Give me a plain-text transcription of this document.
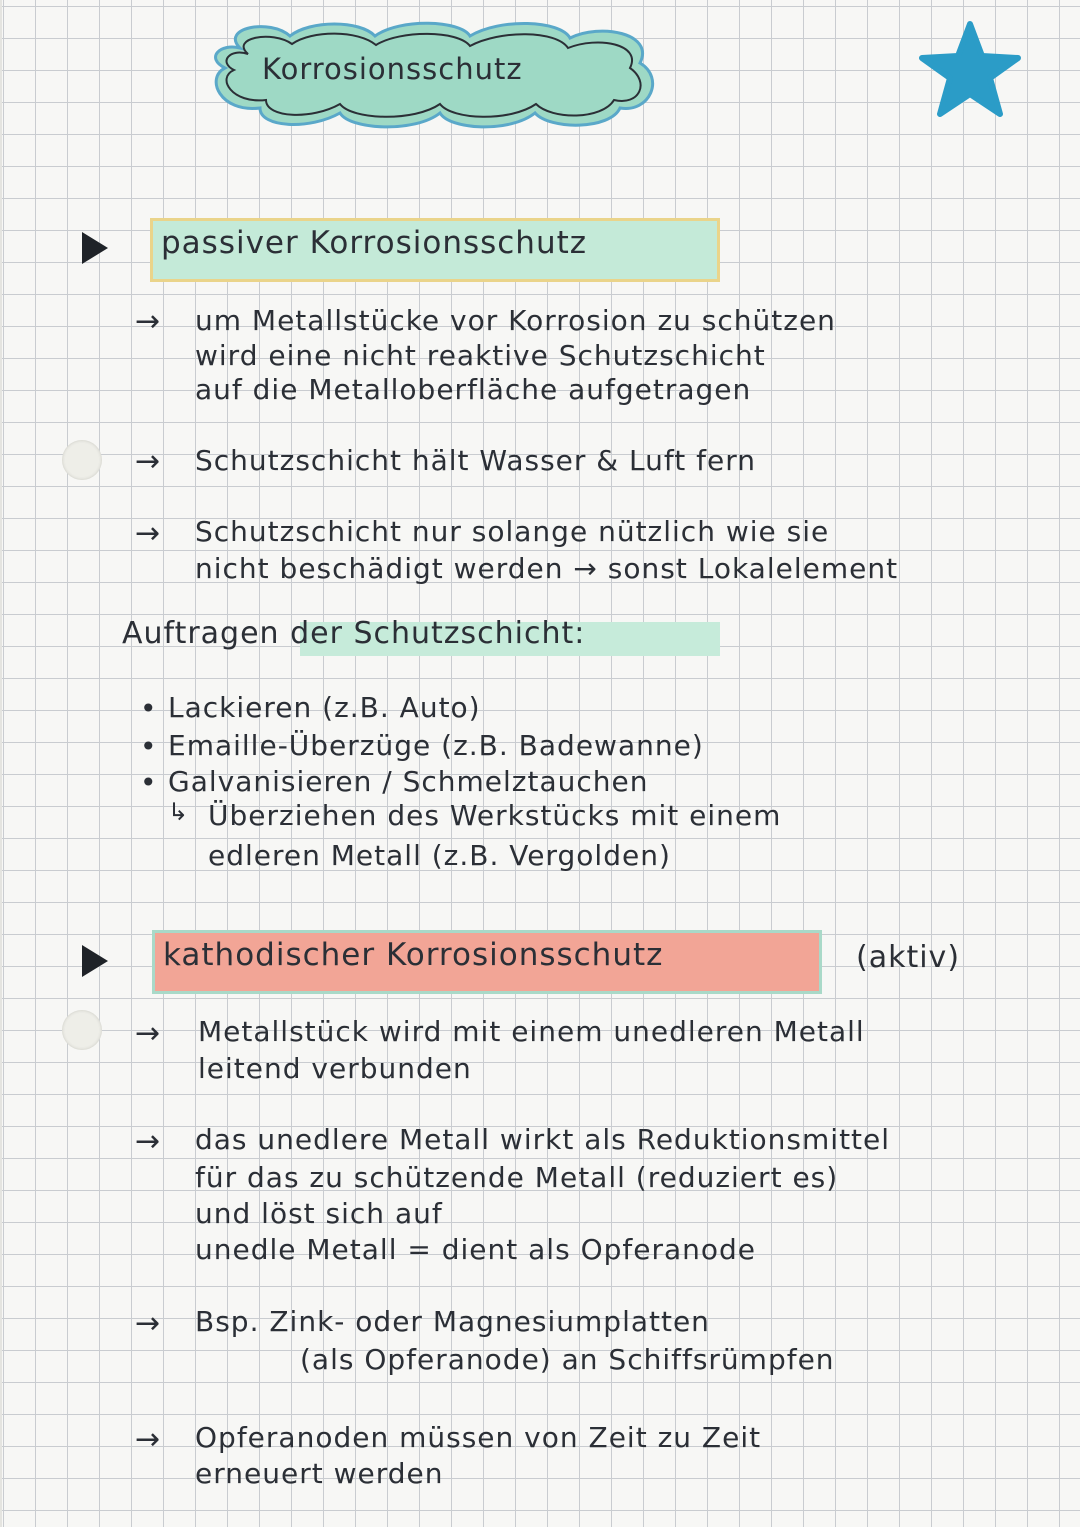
Korrosionsschutz
passiver Korrosionsschutz
→ um Metallstücke vor Korrosion zu schützen
wird eine nicht reaktive Schutzschicht
auf die Metalloberfläche aufgetragen
→ Schutzschicht hält Wasser & Luft fern
→ Schutzschicht nur solange nützlich wie sie
nicht beschädigt werden → sonst Lokalelement
Auftragen der Schutzschicht:
• Lackieren (z.B. Auto)
• Emaille-Überzüge (z.B. Badewanne)
• Galvanisieren / Schmelztauchen
↳ Überziehen des Werkstücks mit einem
edleren Metall (z.B. Vergolden)
kathodischer Korrosionsschutz	(aktiv)
→ Metallstück wird mit einem unedleren Metall
leitend verbunden
→ das unedlere Metall wirkt als Reduktionsmittel
für das zu schützende Metall (reduziert es)
und löst sich auf
unedle Metall = dient als Opferanode
→ Bsp. Zink- oder Magnesiumplatten
(als Opferanode) an Schiffsrümpfen
→ Opferanoden müssen von Zeit zu Zeit
erneuert werden
